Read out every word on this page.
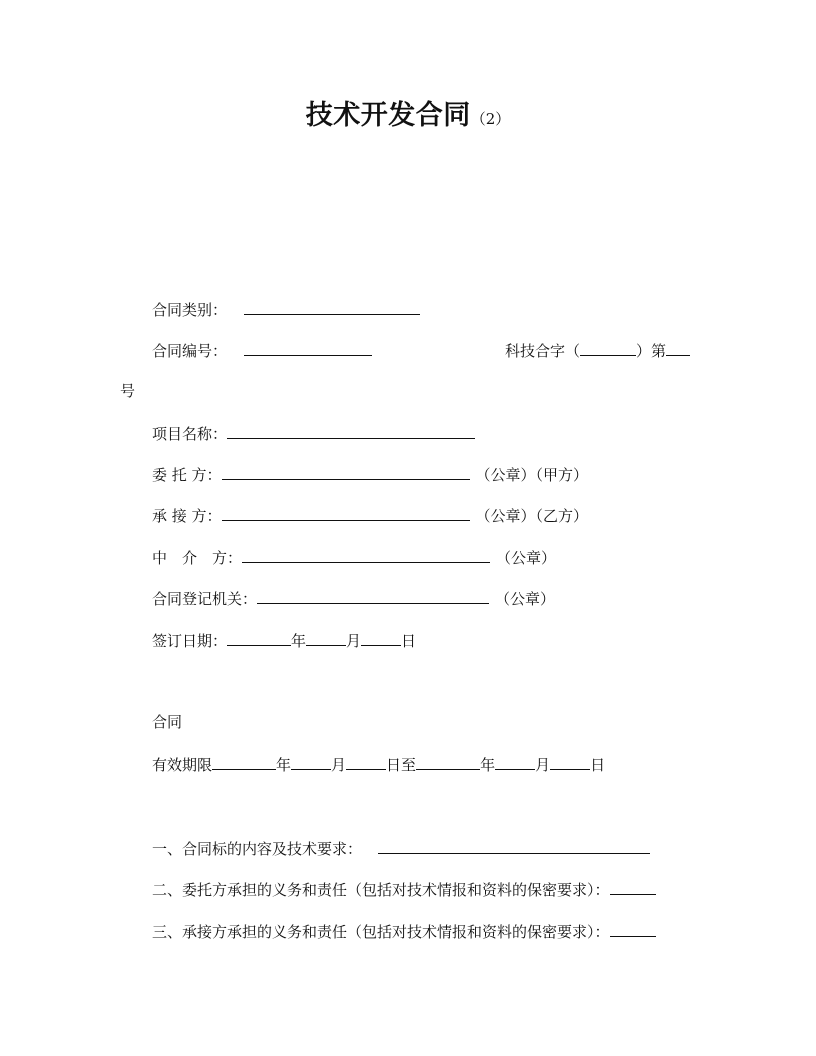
技术开发合同（2）
合同类别：
合同编号：	科技合字（	）第
号
项目名称：
委 托 方：	（公章）（甲方）
承 接 方：	（公章）（乙方）
中　介　方：	（公章）
合同登记机关：	（公章）
签订日期：	年	月	日
合同
有效期限	年	月	日至	年	月	日
一、合同标的内容及技术要求：
二、委托方承担的义务和责任（包括对技术情报和资料的保密要求）：
三、承接方承担的义务和责任（包括对技术情报和资料的保密要求）：
